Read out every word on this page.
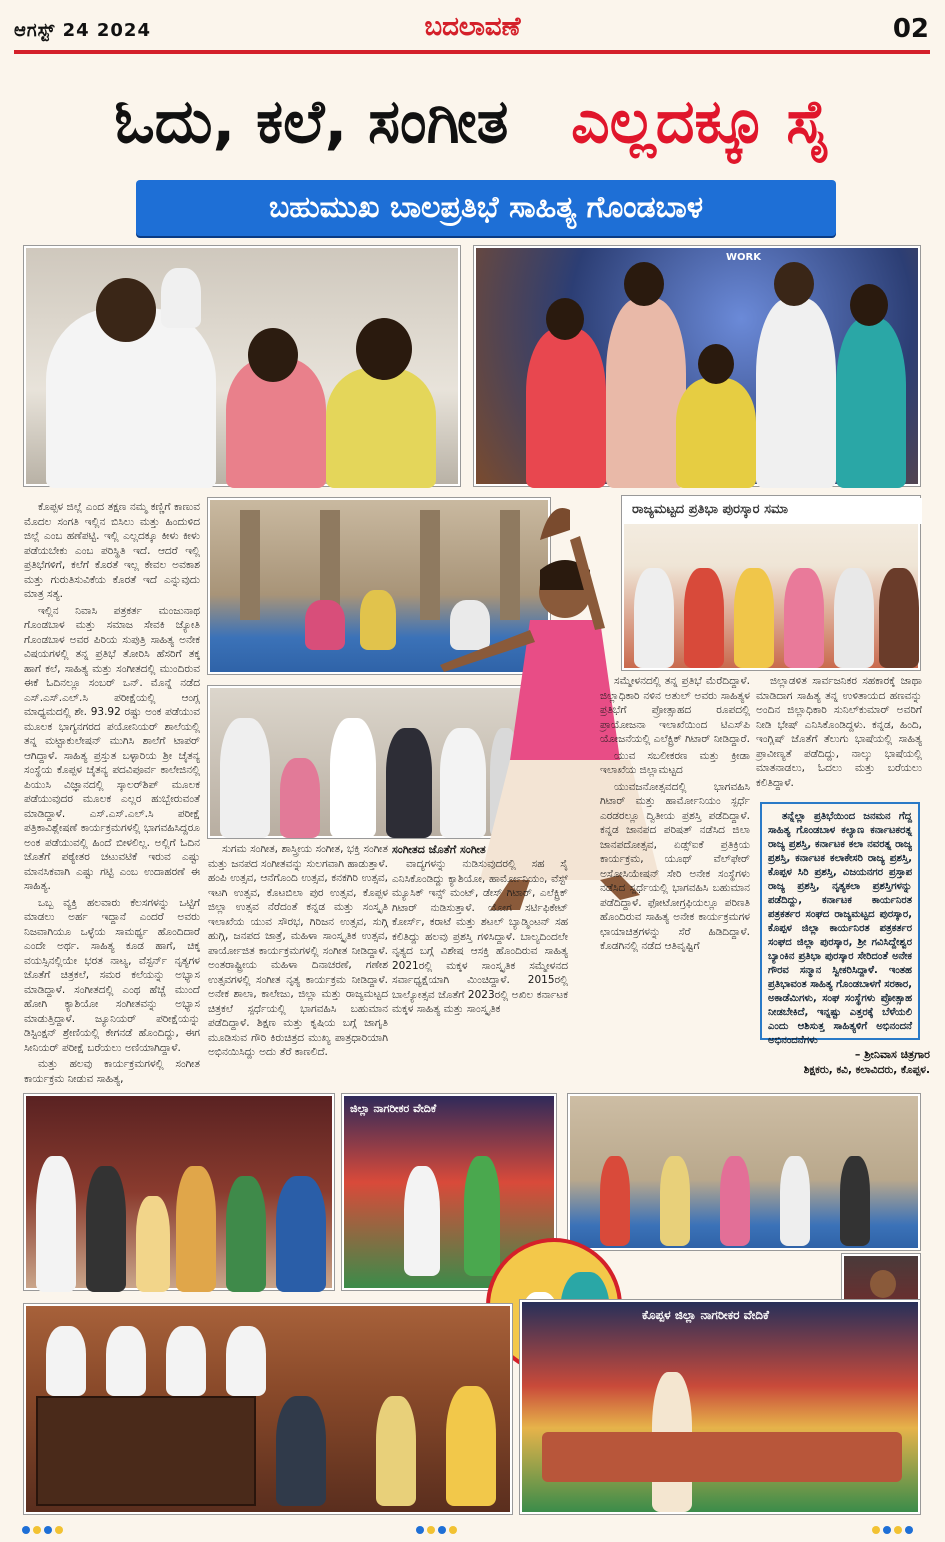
ಆಗಸ್ಟ್ 24 2024	ಬದಲಾವಣೆ	02
ಓದು, ಕಲೆ, ಸಂಗೀತ ಎಲ್ಲದಕ್ಕೂ ಸೈ
ಬಹುಮುಖ ಬಾಲಪ್ರತಿಭೆ ಸಾಹಿತ್ಯ ಗೊಂಡಬಾಳ
WORK
ರಾಜ್ಯಮಟ್ಟದ ಪ್ರತಿಭಾ ಪುರಸ್ಕಾರ ಸಮಾ

ಕೊಪ್ಪಳ ಜಿಲ್ಲೆ ಎಂದ ತಕ್ಷಣ ನಮ್ಮ ಕಣ್ಣಿಗೆ ಕಾಣುವ ಮೊದಲ ಸಂಗತಿ ಇಲ್ಲಿನ ಬಿಸಿಲು ಮತ್ತು ಹಿಂದುಳಿದ ಜಿಲ್ಲೆ ಎಂಬ ಹಣೆಪಟ್ಟಿ. ಇಲ್ಲಿ ಎಲ್ಲದಕ್ಕೂ ಕೀಳು ಕೀಳು ಪಡೆಯಬೇಕು ಎಂಬ ಪರಿಸ್ಥಿತಿ ಇದೆ. ಆದರೆ ಇಲ್ಲಿ ಪ್ರತಿಭೆಗಳಿಗೆ, ಕಲೆಗೆ ಕೊರತೆ ಇಲ್ಲ ಕೇವಲ ಅವಕಾಶ ಮತ್ತು ಗುರುತಿಸುವಿಕೆಯ ಕೊರತೆ ಇದೆ ಎನ್ನುವುದು ಮಾತ್ರ ಸತ್ಯ.

ಇಲ್ಲಿನ ನಿವಾಸಿ ಪತ್ರಕರ್ತ ಮಂಜುನಾಥ ಗೊಂಡಬಾಳ ಮತ್ತು ಸಮಾಜ ಸೇವಕಿ ಜ್ಯೋತಿ ಗೊಂಡಬಾಳ ಅವರ ಪಿರಿಯ ಸುಪುತ್ರಿ ಸಾಹಿತ್ಯ ಅನೇಕ ವಿಷಯಗಳಲ್ಲಿ ತನ್ನ ಪ್ರತಿಭೆ ತೋರಿಸಿ ಹೆಸರಿಗೆ ತಕ್ಕ ಹಾಗೆ ಕಲೆ, ಸಾಹಿತ್ಯ ಮತ್ತು ಸಂಗೀತದಲ್ಲಿ ಮುಂದಿರುವ ಈಕೆ ಓದಿನಲ್ಲೂ ಸಂಬರ್ ಒನ್. ಮೊನ್ನೆ ನಡೆದ ಎಸ್.ಎಸ್.ಎಲ್.ಸಿ ಪರೀಕ್ಷೆಯಲ್ಲಿ ಆಂಗ್ಲ ಮಾಧ್ಯಮದಲ್ಲಿ ಶೇ. 93.92 ರಷ್ಟು ಅಂಕ ಪಡೆಯುವ ಮೂಲಕ ಭಾಗ್ಯನಗರದ ಪಯೋನಿಯರ್ ಶಾಲೆಯಲ್ಲಿ ತನ್ನ ಮಟ್ಟಾಕುಲೇಷನ್ ಮುಗಿಸಿ ಶಾಲೆಗೆ ಟಾಪರ್ ಆಗಿದ್ದಾಳೆ. ಸಾಹಿತ್ಯ ಪ್ರಸ್ತುತ ಬಳ್ಳಾರಿಯ ಶ್ರೀ ಚೈತನ್ಯ ಸಂಸ್ಥೆಯ ಕೊಪ್ಪಳ ಚೈತನ್ಯ ಪದವಿಪೂರ್ವ ಕಾಲೇಜಿನಲ್ಲಿ ಪಿಯುಸಿ ವಿಜ್ಞಾನದಲ್ಲಿ ಸ್ಕಾಲರ್‌ಶಿಪ್ ಮೂಲಕ ಪಡೆಯುವುದರ ಮೂಲಕ ಎಲ್ಲರ ಹುಬ್ಬೇರುವಂತೆ ಮಾಡಿದ್ದಾಳೆ. ಎಸ್.ಎಸ್.ಎಲ್.ಸಿ ಪರೀಕ್ಷೆ ಪತ್ರಿಕಾವಿಶ್ಲೇಷಣೆ ಕಾರ್ಯಕ್ರಮಗಳಲ್ಲಿ ಭಾಗವಹಿಸಿದ್ದರೂ ಅಂಕ ಪಡೆಯುವಲ್ಲಿ ಹಿಂದೆ ಬೀಳಲಿಲ್ಲ. ಅಲ್ಲಿಗೆ ಓದಿನ ಜೊತೆಗೆ ಪಠ್ಯೇತರ ಚಟುವಟಿಕೆ ಇರುವ ಎಷ್ಟು ಮಾನಸಿಕವಾಗಿ ಎಷ್ಟು ಗಟ್ಟಿ ಎಂಬ ಉದಾಹರಣೆ ಈ ಸಾಹಿತ್ಯ.

ಒಬ್ಬ ವ್ಯಕ್ತಿ ಹಲವಾರು ಕೆಲಸಗಳನ್ನು ಒಟ್ಟಿಗೆ ಮಾಡಲು ಅರ್ಹ ಇದ್ದಾನೆ ಎಂದರೆ ಅವರು ನಿಜವಾಗಿಯೂ ಒಳ್ಳೆಯ ಸಾಮರ್ಥ್ಯ ಹೊಂದಿದಾರೆ ಎಂದೇ ಅರ್ಥ. ಸಾಹಿತ್ಯ ಕೂಡ ಹಾಗೆ, ಚಿಕ್ಕ ವಯಸ್ಸಿನಲ್ಲಿಯೇ ಭರತ ನಾಟ್ಯ, ವೆಸ್ಟರ್ನ್ ನೃತ್ಯಗಳ ಜೊತೆಗೆ ಚಿತ್ರಕಲೆ, ಸಮರ ಕಲೆಯನ್ನು ಅಭ್ಯಾಸ ಮಾಡಿದ್ದಾಳೆ. ಸಂಗೀತದಲ್ಲಿ ಎಂಥ ಹೆಚ್ಚೆ ಮುಂದೆ ಹೋಗಿ ಕ್ಯಾಶಿಯೋ ಸಂಗೀತವನ್ನು ಅಭ್ಯಾಸ ಮಾಡುತ್ತಿದ್ದಾಳೆ. ಜ್ಯೂನಿಯರ್ ಪರೀಕ್ಷೆಯನ್ನು ಡಿಸ್ಟಿಂಕ್ಷನ್ ಶ್ರೇಣಿಯಲ್ಲಿ ಕೇಗನಡೆ ಹೊಂದಿದ್ದು, ಈಗ ಸೀನಿಯರ್ ಪರೀಕ್ಷೆ ಬರೆಯಲು ಅಣಿಯಾಗಿದ್ದಾಳೆ.

ಮತ್ತು ಹಲವು ಕಾರ್ಯಕ್ರಮಗಳಲ್ಲಿ ಸಂಗೀತ ಕಾರ್ಯಕ್ರಮ ನೀಡುವ ಸಾಹಿತ್ಯ,

ಸುಗಮ ಸಂಗೀತ, ಶಾಸ್ತ್ರೀಯ ಸಂಗೀತ, ಭಕ್ತಿ ಸಂಗೀತ ಮತ್ತು ಜನಪದ ಸಂಗೀತವನ್ನು ಸುಲಗವಾಗಿ ಹಾಡುತ್ತಾಳೆ. ಹಂಪಿ ಉತ್ಸವ, ಆನೆಗೊಂದಿ ಉತ್ಸವ, ಕನಕಗಿರಿ ಉತ್ಸವ, ಇಟಗಿ ಉತ್ಸವ, ಕೊಟಬಿಲಾ ಪುರ ಉತ್ಸವ, ಕೊಪ್ಪಳ ಜಿಲ್ಲಾ ಉತ್ಸವ ನೆರೆದಂತೆ ಕನ್ನಡ ಮತ್ತು ಸಂಸ್ಕೃತಿ ಇಲಾಖೆಯ ಯುವ ಸೌರಭ, ಗಿರಿಜನ ಉತ್ಸವ, ಸುಗ್ಗಿ ಹುಗ್ಗಿ, ಜನಪದ ಜಾತ್ರೆ, ಮಹಿಳಾ ಸಾಂಸ್ಕೃತಿಕ ಉತ್ಸವ, ಪಾರ್ಯೋಜಿತ ಕಾರ್ಯಕ್ರಮಗಳಲ್ಲಿ ಸಂಗೀತ ನೀಡಿದ್ದಾಳೆ. ಅಂತರಾಷ್ಟ್ರೀಯ ಮಹಿಳಾ ದಿನಾಚರಣೆ, ಗಣೇಶ ಉತ್ಸವಗಳಲ್ಲಿ ಸಂಗೀತ ನೃತ್ಯ ಕಾರ್ಯಕ್ರಮ ನೀಡಿದ್ದಾಳೆ. ಅನೇಕ ಶಾಲಾ, ಕಾಲೇಜು, ಜಿಲ್ಲಾ ಮತ್ತು ರಾಜ್ಯಮಟ್ಟದ ಚಿತ್ರಕಲೆ ಸ್ಪರ್ಧೆಯಲ್ಲಿ ಭಾಗವಹಿಸಿ ಬಹುಮಾನ ಪಡೆದಿದ್ದಾಳೆ. ಶಿಕ್ಷಣ ಮತ್ತು ಕೃಷಿಯ ಬಗ್ಗೆ ಜಾಗೃತಿ ಮೂಡಿಸುವ ಗೌರಿ ಕಿರುಚಿತ್ರದ ಮುಖ್ಯ ಪಾತ್ರಧಾರಿಯಾಗಿ ಅಭಿನಯಿಸಿದ್ದು ಅದು ತೆರೆ ಕಾಣಲಿದೆ.

ಸಂಗೀತದ ಜೊತೆಗೆ ಸಂಗೀತ

ವಾದ್ಯಗಳನ್ನು ನುಡಿಸುವುದರಲ್ಲಿ ಸಹ ಸೈ ಎನಿಸಿಕೊಂಡಿದ್ದು ಕ್ಯಾಶಿಯೋ, ಹಾರ್ಮೋನಿಯಂ, ವೆಸ್ಟ್ ಮ್ಯೂಸಿಕ್ ಇನ್ಸ್ ಮಂಟ್, ಡೇಸ್ ಗಿಟಾರ್, ಎಲೆಕ್ಟ್ರಿಕ್ ಗಿಟಾರ್ ನುಡಿಸುತ್ತಾಳೆ. ಯೋಗ ಸರ್ಟಿಫಿಕೇಟ್ ಕೋರ್ಸ್, ಕರಾಟೆ ಮತ್ತು ಶಟಲ್ ಬ್ಯಾಡ್ಮಿಂಟನ್ ಸಹ ಕಲಿತಿದ್ದು ಹಲವು ಪ್ರಶಸ್ತಿ ಗಳಿಸಿದ್ದಾಳೆ. ಬಾಲ್ಯದಿಂದಲೇ ನೃತ್ಯದ ಬಗ್ಗೆ ವಿಶೇಷ ಆಸಕ್ತಿ ಹೊಂದಿರುವ ಸಾಹಿತ್ಯ 2021ರಲ್ಲಿ ಮಕ್ಕಳ ಸಾಂಸ್ಕೃತಿಕ ಸಮ್ಮೇಳನದ ಸರ್ವಾಧ್ಯಕ್ಷೆಯಾಗಿ ಮಿಂಚಿದ್ದಾಳೆ. 2015ರಲ್ಲಿ ಬಾಲ್ಯೋತ್ಸವ ಜೊತೆಗೆ 2023ರಲ್ಲಿ ಅಖಿಲ ಕರ್ನಾಟಕ ಮಕ್ಕಳ ಸಾಹಿತ್ಯ ಮತ್ತು ಸಾಂಸ್ಕೃತಿಕ

ಸಮ್ಮೇಳನದಲ್ಲಿ ತನ್ನ ಪ್ರತಿಭೆ ಮೆರೆದಿದ್ದಾಳೆ. ಜಿಲ್ಲಾಧಿಕಾರಿ ನಳಿನ ಅತುಲ್ ಅವರು ಸಾಹಿತ್ಯಳ ಪ್ರತಿಭೆಗೆ ಪ್ರೋತ್ಸಾಹದ ರೂಪದಲ್ಲಿ ಪ್ರಾಯೋಜನಾ ಇಲಾಖೆಯಿಂದ ಟಿಎಸ್‌ಪಿ ಯೋಜನೆಯಲ್ಲಿ ಎಲೆಕ್ಟ್ರಿಕ್ ಗಿಟಾರ್ ನೀಡಿದ್ದಾರೆ.

ಯುವ ಸಬಲೀಕರಣ ಮತ್ತು ಕ್ರೀಡಾ ಇಲಾಖೆಯ ಜಿಲ್ಲಾಮಟ್ಟದ

ಯುವಜನೋತ್ಸವದಲ್ಲಿ ಭಾಗವಹಿಸಿ ಗಿಟಾರ್ ಮತ್ತು ಹಾರ್ಮೋನಿಯಂ ಸ್ಪರ್ಧೆ ಎರಡರಲ್ಲೂ ದ್ವಿತೀಯ ಪ್ರಶಸ್ತಿ ಪಡೆದಿದ್ದಾಳೆ. ಕನ್ನಡ ಜಾನಪದ ಪರಿಷತ್ ನಡೆಸಿದ ಜಿಲಾ ಜಾನಪದೋತ್ಸವ, ಏಡ್ಸ್‌ಐಕೆ ಪ್ರತಿಕ್ರಿಯ ಕಾರ್ಯಕ್ರಮ, ಯೂಥ್ ವೆಲ್‌ಫೇರ್ ಅಸೋಸಿಯೇಷನ್ ಸೇರಿ ಅನೇಕ ಸಂಸ್ಥೆಗಳು ನಡೆಸಿದ ಸ್ಪರ್ಧೆಯಲ್ಲಿ ಭಾಗವಹಿಸಿ ಬಹುಮಾನ ಪಡೆದಿದ್ದಾಳೆ. ಫೋಟೋಗ್ರಫಿಯಲ್ಲೂ ಪರಿಣತಿ ಹೊಂದಿರುವ ಸಾಹಿತ್ಯ ಅನೇಕ ಕಾರ್ಯಕ್ರಮಗಳ ಛಾಯಾಚಿತ್ರಗಳನ್ನು ಸೆರೆ ಹಿಡಿದಿದ್ದಾಳೆ. ಕೊಡಗಿನಲ್ಲಿ ನಡೆದ ಆತಿವೃಷ್ಟಿಗೆ

ಜಿಲ್ಲಾಡಳಿತ ಸಾರ್ವಜನಿಕರ ಸಹಕಾರಕ್ಕೆ ಜಾಥಾ ಮಾಡಿದಾಗ ಸಾಹಿತ್ಯ ತನ್ನ ಉಳಿತಾಯದ ಹಣವನ್ನು ಅಂದಿನ ಜಿಲ್ಲಾಧಿಕಾರಿ ಸುನಿಲ್‌ಕುಮಾರ್ ಅವರಿಗೆ ನೀಡಿ ಭೇಷ್ ಎನಿಸಿಕೊಂಡಿದ್ದಳು. ಕನ್ನಡ, ಹಿಂದಿ, ಇಂಗ್ಲಿಷ್ ಜೊತೆಗೆ ತೆಲುಗು ಭಾಷೆಯಲ್ಲಿ ಸಾಹಿತ್ಯ ಪ್ರಾವೀಣ್ಯತೆ ಪಡೆದಿದ್ದು, ನಾಲ್ಕು ಭಾಷೆಯಲ್ಲಿ ಮಾತನಾಡಲು, ಓದಲು ಮತ್ತು ಬರೆಯಲು ಕಲಿತಿದ್ದಾಳೆ.

ತನ್ನೆಲ್ಲಾ ಪ್ರತಿಭೆಯಿಂದ ಜನಮನ ಗೆದ್ದ ಸಾಹಿತ್ಯ ಗೊಂಡಬಾಳ ಕಲ್ಯಾಣ ಕರ್ನಾಟಕರತ್ನ ರಾಜ್ಯ ಪ್ರಶಸ್ತಿ, ಕರ್ನಾಟಕ ಕಲಾ ನವರತ್ನ ರಾಜ್ಯ ಪ್ರಶಸ್ತಿ, ಕರ್ನಾಟಕ ಕಲಾಕೇಸರಿ ರಾಜ್ಯ ಪ್ರಶಸ್ತಿ, ಕೊಪ್ಪಳ ಸಿರಿ ಪ್ರಶಸ್ತಿ, ವಿಜಯನಗರ ಪ್ರಸ್ತಾಪ ರಾಜ್ಯ ಪ್ರಶಸ್ತಿ, ನೃತ್ಯಕಲಾ ಪ್ರಶಸ್ತಿಗಳನ್ನು ಪಡೆದಿದ್ದು, ಕರ್ನಾಟಕ ಕಾರ್ಯನಿರತ ಪತ್ರಕರ್ತರ ಸಂಘದ ರಾಜ್ಯಮಟ್ಟದ ಪುರಸ್ಕಾರ, ಕೊಪ್ಪಳ ಜಿಲ್ಲಾ ಕಾರ್ಯನಿರತ ಪತ್ರಕರ್ತರ ಸಂಘದ ಜಿಲ್ಲಾ ಪುರಸ್ಕಾರ, ಶ್ರೀ ಗವಿಸಿದ್ದೇಶ್ವರ ಬ್ಯಾಂಕಿನ ಪ್ರತಿಭಾ ಪುರಸ್ಕಾರ ಸೇರಿದಂತೆ ಅನೇಕ ಗೌರವ ಸನ್ಮಾನ ಸ್ವೀಕರಿಸಿದ್ದಾಳೆ. ಇಂತಹ ಪ್ರತಿಭಾವಂತ ಸಾಹಿತ್ಯ ಗೊಂಡಬಾಳಗೆ ಸರಕಾರ, ಅಕಾಡೆಮಿಗಳು, ಸಂಘ ಸಂಸ್ಥೆಗಳು ಪ್ರೋತ್ಸಾಹ ನೀಡಬೇಕಿದೆ, ಇನ್ನಷ್ಟು ಎತ್ತರಕ್ಕೆ ಬೆಳೆಯಲಿ ಎಂದು ಆಶಿಸುತ್ತ ಸಾಹಿತ್ಯಳಿಗೆ ಅಭಿನಂದನೆ ಅಭಿನಂದನೆಗಳು

– ಶ್ರೀನಿವಾಸ ಚಿತ್ರಗಾರ
ಶಿಕ್ಷಕರು, ಕವಿ, ಕಲಾವಿದರು, ಕೊಪ್ಪಳ.
ಜಿಲ್ಲಾ ನಾಗರೀಕರ ವೇದಿಕೆ
ಕೊಪ್ಪಳ ಜಿಲ್ಲಾ ನಾಗರೀಕರ ವೇದಿಕೆ
